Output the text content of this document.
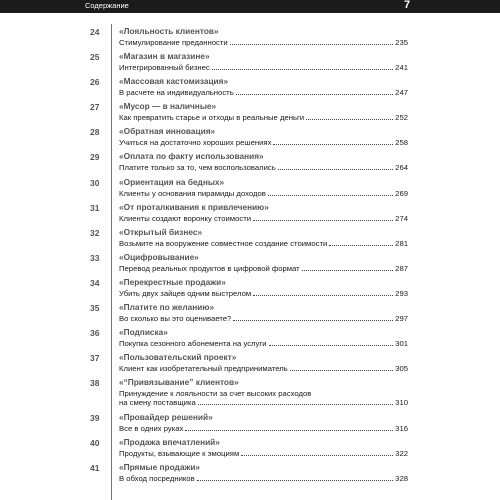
Содержание	7
24 «Лояльность клиентов»
Стимулирование преданности	235
25 «Магазин в магазине»
Интегрированный бизнес	241
26 «Массовая кастомизация»
В расчете на индивидуальность	247
27 «Мусор — в наличные»
Как превратить старье и отходы в реальные деньги	252
28 «Обратная инновация»
Учиться на достаточно хороших решениях	258
29 «Оплата по факту использования»
Платите только за то, чем воспользовались	264
30 «Ориентация на бедных»
Клиенты у основания пирамиды доходов	269
31 «От проталкивания к привлечению»
Клиенты создают воронку стоимости	274
32 «Открытый бизнес»
Возьмите на вооружение совместное создание стоимости	281
33 «Оцифровывание»
Перевод реальных продуктов в цифровой формат	287
34 «Перекрестные продажи»
Убить двух зайцев одним выстрелом	293
35 «Платите по желанию»
Во сколько вы это оцениваете?	297
36 «Подписка»
Покупка сезонного абонемента на услуги	301
37 «Пользовательский проект»
Клиент как изобретательный предприниматель	305
38 «“Привязывание” клиентов»
Принуждение к лояльности за счет высоких расходов
на смену поставщика	310
39 «Провайдер решений»
Все в одних руках	316
40 «Продажа впечатлений»
Продукты, взывающие к эмоциям	322
41 «Прямые продажи»
В обход посредников	328
